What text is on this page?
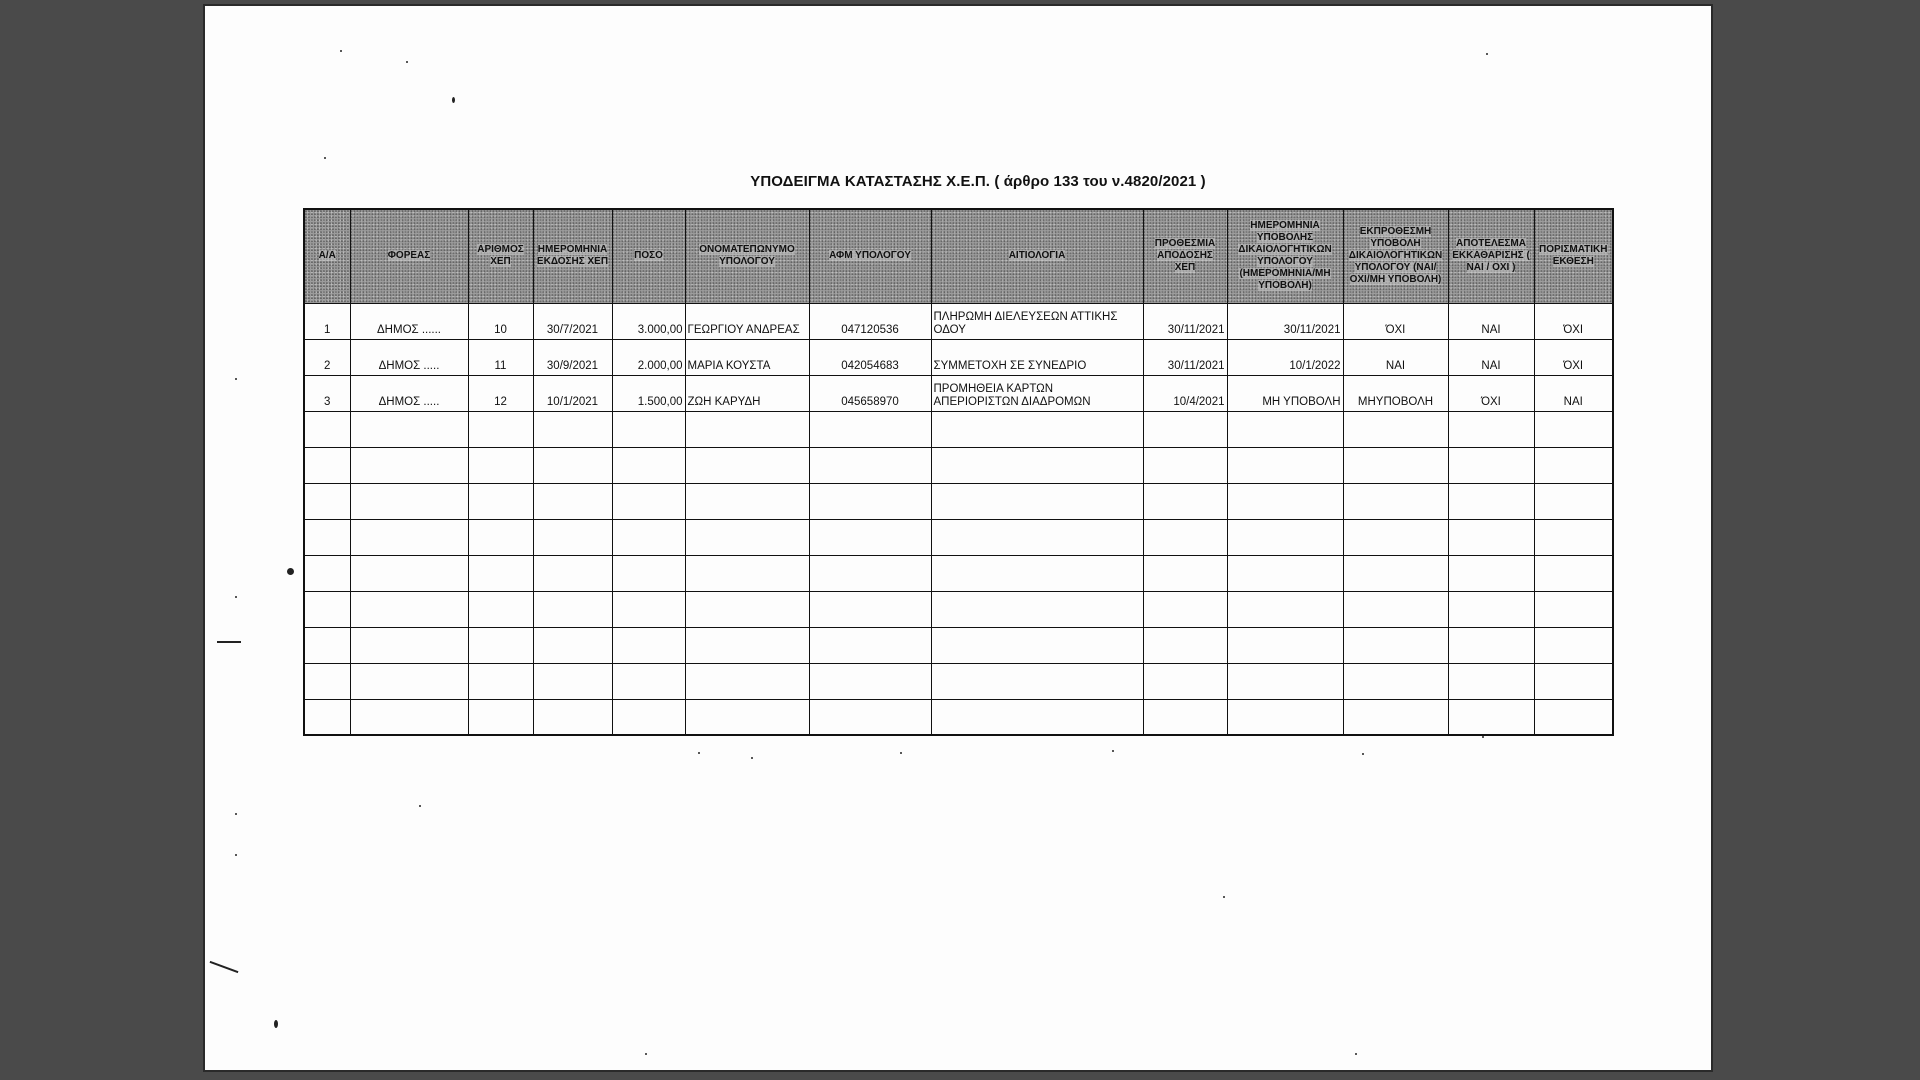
ΥΠΟΔΕΙΓΜΑ ΚΑΤΑΣΤΑΣΗΣ Χ.Ε.Π. ( άρθρο 133 του ν.4820/2021 )
Α/Α	ΦΟΡΕΑΣ	ΑΡΙΘΜΟΣ ΧΕΠ	ΗΜΕΡΟΜΗΝΙΑ ΕΚΔΟΣΗΣ ΧΕΠ	ΠΟΣΟ	ΟΝΟΜΑΤΕΠΩΝΥΜΟ ΥΠΟΛΟΓΟΥ	ΑΦΜ ΥΠΟΛΟΓΟΥ	ΑΙΤΙΟΛΟΓΙΑ	ΠΡΟΘΕΣΜΙΑ ΑΠΟΔΟΣΗΣ ΧΕΠ	ΗΜΕΡΟΜΗΝΙΑ ΥΠΟΒΟΛΗΣ ΔΙΚΑΙΟΛΟΓΗΤΙΚΩΝ ΥΠΟΛΟΓΟΥ (ΗΜΕΡΟΜΗΝΙΑ/ΜΗ ΥΠΟΒΟΛΗ)	ΕΚΠΡΟΘΕΣΜΗ ΥΠΟΒΟΛΗ ΔΙΚΑΙΟΛΟΓΗΤΙΚΩΝ ΥΠΟΛΟΓΟΥ (ΝΑΙ/ΟΧΙ/ΜΗ ΥΠΟΒΟΛΗ)	ΑΠΟΤΕΛΕΣΜΑ ΕΚΚΑΘΑΡΙΣΗΣ ( ΝΑΙ / ΟΧΙ )	ΠΟΡΙΣΜΑΤΙΚΗ ΕΚΘΕΣΗ
1	ΔΗΜΟΣ ......	10	30/7/2021	3.000,00	ΓΕΩΡΓΙΟΥ ΑΝΔΡΕΑΣ	047120536	ΠΛΗΡΩΜΗ ΔΙΕΛΕΥΣΕΩΝ ΑΤΤΙΚΗΣ ΟΔΟΥ	30/11/2021	30/11/2021	ΌΧΙ	ΝΑΙ	ΌΧΙ
2	ΔΗΜΟΣ .....	11	30/9/2021	2.000,00	ΜΑΡΙΑ ΚΟΥΣΤΑ	042054683	ΣΥΜΜΕΤΟΧΗ ΣΕ ΣΥΝΕΔΡΙΟ	30/11/2021	10/1/2022	ΝΑΙ	ΝΑΙ	ΌΧΙ
3	ΔΗΜΟΣ .....	12	10/1/2021	1.500,00	ΖΩΗ ΚΑΡΥΔΗ	045658970	ΠΡΟΜΗΘΕΙΑ ΚΑΡΤΩΝ ΑΠΕΡΙΟΡΙΣΤΩΝ ΔΙΑΔΡΟΜΩΝ	10/4/2021	ΜΗ ΥΠΟΒΟΛΗ	ΜΗΥΠΟΒΟΛΗ	ΌΧΙ	ΝΑΙ
